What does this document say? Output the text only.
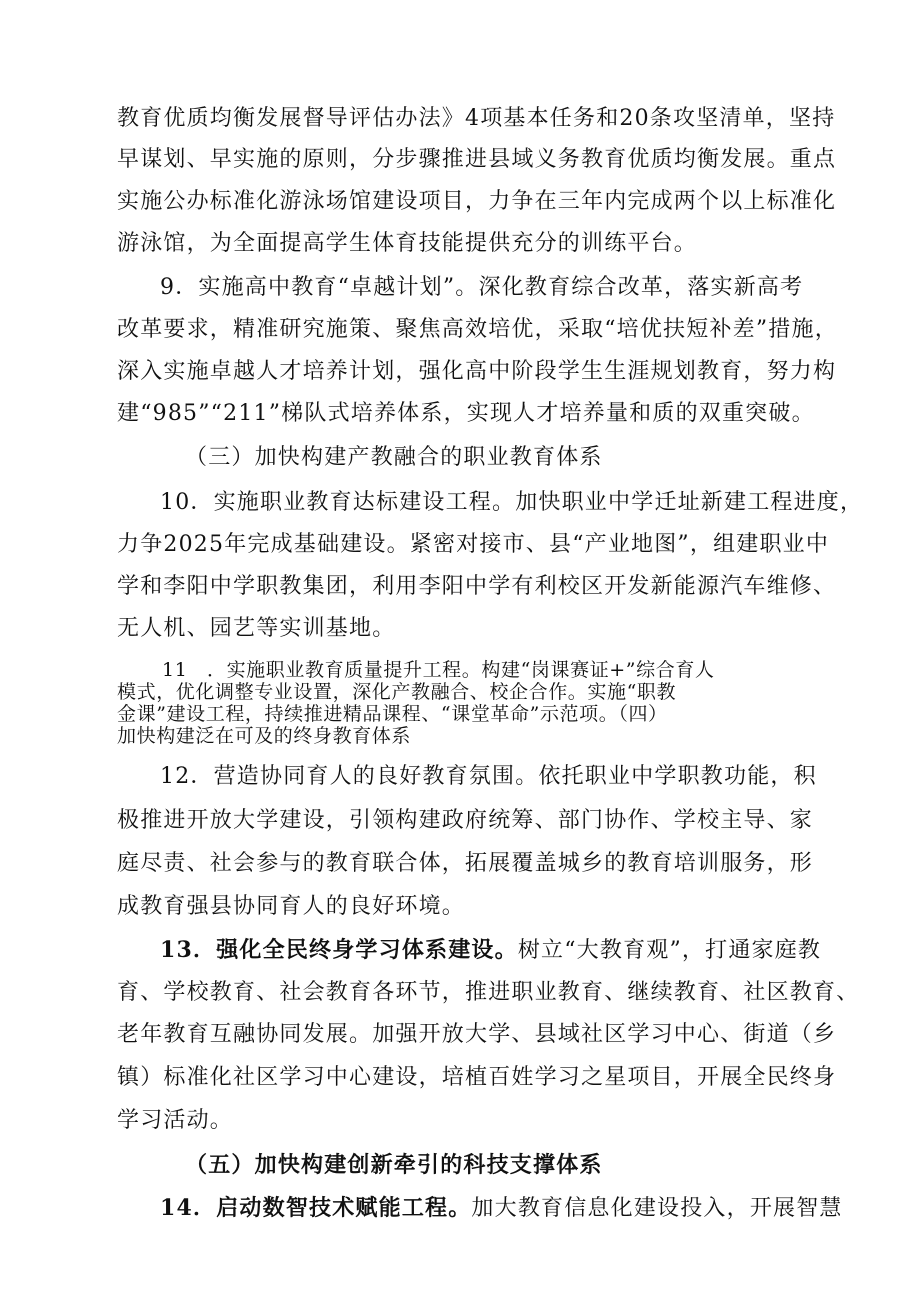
教育优质均衡发展督导评估办法》4项基本任务和20条攻坚清单，坚持
早谋划、早实施的原则，分步骤推进县域义务教育优质均衡发展。重点
实施公办标准化游泳场馆建设项目，力争在三年内完成两个以上标准化
游泳馆，为全面提高学生体育技能提供充分的训练平台。
9．实施高中教育“卓越计划”。深化教育综合改革，落实新高考
改革要求，精准研究施策、聚焦高效培优，采取“培优扶短补差”措施，
深入实施卓越人才培养计划，强化高中阶段学生生涯规划教育，努力构
建“985”“211”梯队式培养体系，实现人才培养量和质的双重突破。
（三）加快构建产教融合的职业教育体系
10．实施职业教育达标建设工程。加快职业中学迁址新建工程进度，
力争2025年完成基础建设。紧密对接市、县“产业地图”，组建职业中
学和李阳中学职教集团，利用李阳中学有利校区开发新能源汽车维修、
无人机、园艺等实训基地。
11　．实施职业教育质量提升工程。构建“岗课赛证+”综合育人
模式，优化调整专业设置，深化产教融合、校企合作。实施“职教
金课”建设工程，持续推进精品课程、“课堂革命”示范项。（四）
加快构建泛在可及的终身教育体系
12．营造协同育人的良好教育氛围。依托职业中学职教功能，积
极推进开放大学建设，引领构建政府统筹、部门协作、学校主导、家
庭尽责、社会参与的教育联合体，拓展覆盖城乡的教育培训服务，形
成教育强县协同育人的良好环境。
13．强化全民终身学习体系建设。树立“大教育观”，打通家庭教
育、学校教育、社会教育各环节，推进职业教育、继续教育、社区教育、
老年教育互融协同发展。加强开放大学、县域社区学习中心、街道（乡
镇）标准化社区学习中心建设，培植百姓学习之星项目，开展全民终身
学习活动。
（五）加快构建创新牵引的科技支撑体系
14．启动数智技术赋能工程。加大教育信息化建设投入，开展智慧
